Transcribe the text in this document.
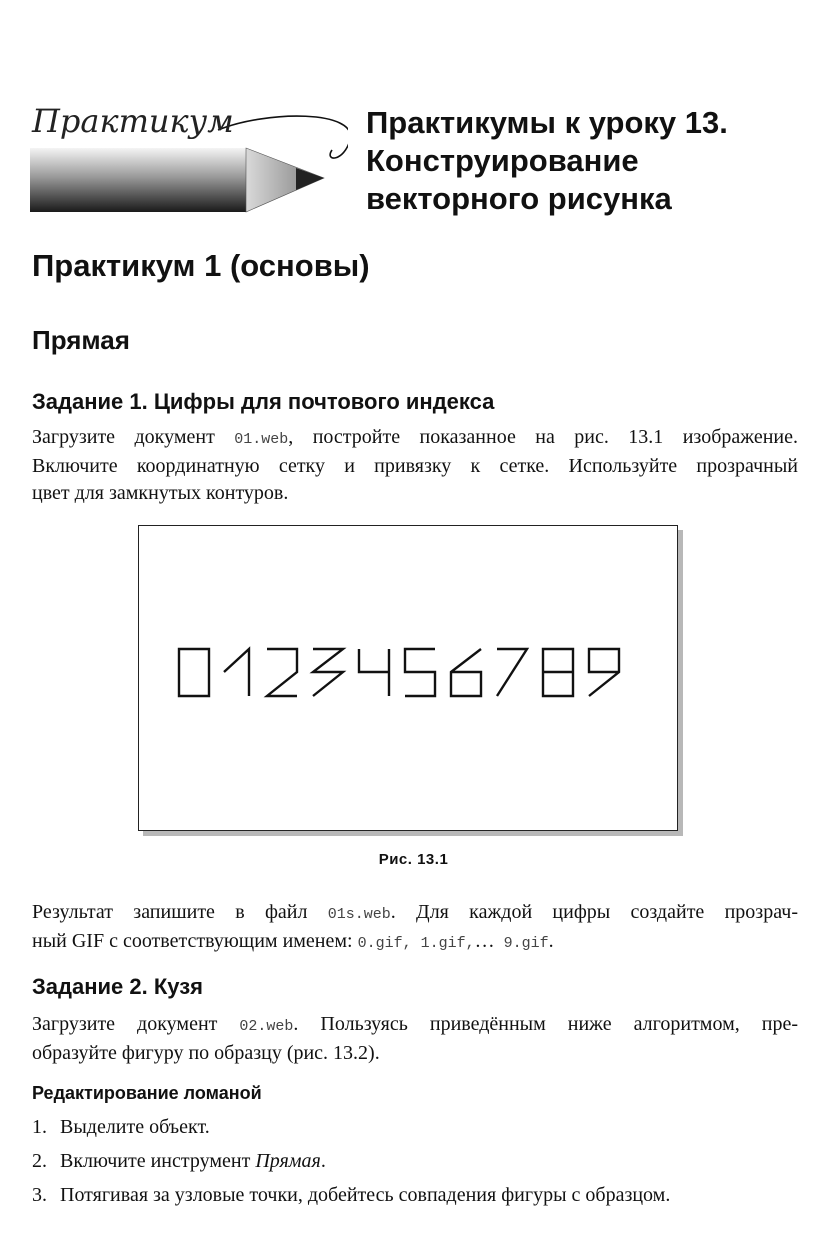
Практикум	Практикумы к уроку 13.
Конструирование
векторного рисунка
Практикум 1 (основы)
Прямая
Задание 1. Цифры для почтового индекса
Загрузите документ 01.web, постройте показанное на рис. 13.1 изображение.
Включите координатную сетку и привязку к сетке. Используйте прозрачный
цвет для замкнутых контуров.
Рис. 13.1
Результат запишите в файл 01s.web. Для каждой цифры создайте прозрач-
ный GIF с соответствующим именем: 0.gif, 1.gif,… 9.gif.
Задание 2. Кузя
Загрузите документ 02.web. Пользуясь приведённым ниже алгоритмом, пре-
образуйте фигуру по образцу (рис. 13.2).
Редактирование ломаной
1. Выделите объект.
2. Включите инструмент Прямая.
3. Потягивая за узловые точки, добейтесь совпадения фигуры с образцом.
